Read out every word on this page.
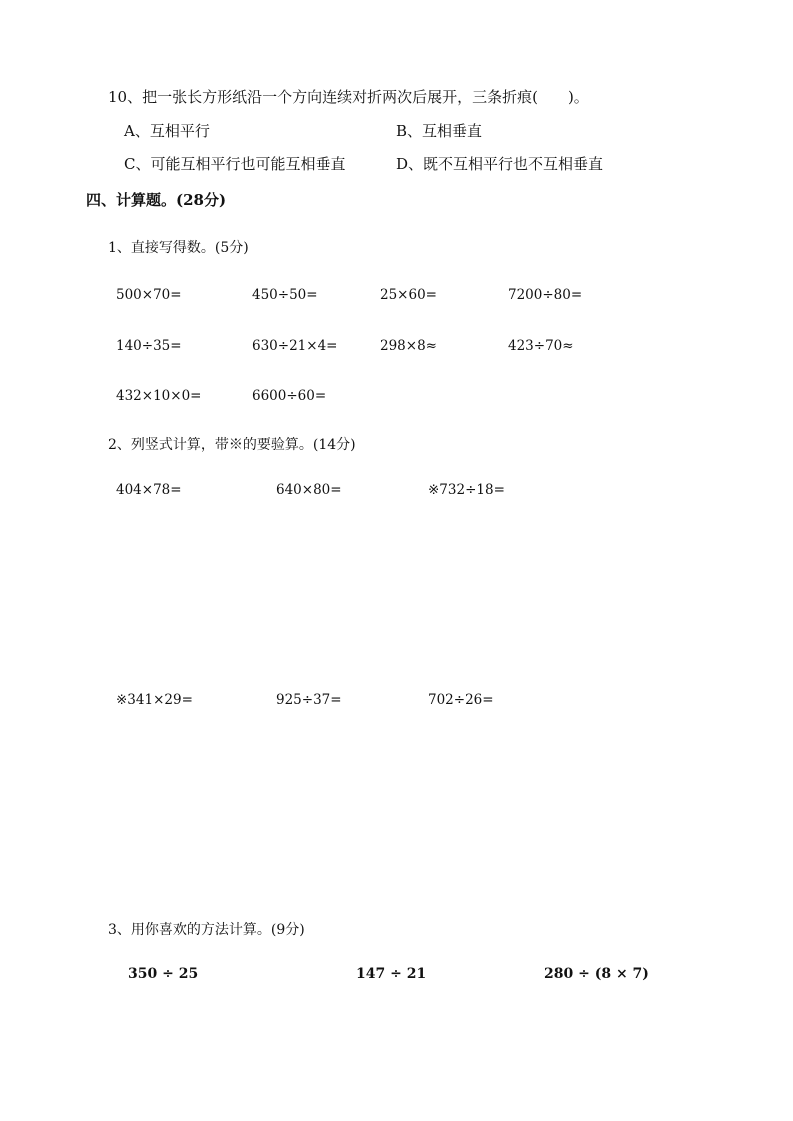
10、把一张长方形纸沿一个方向连续对折两次后展开，三条折痕(　　)。
A、互相平行	B、互相垂直
C、可能互相平行也可能互相垂直	D、既不互相平行也不互相垂直
四、计算题。(28分)
1、直接写得数。(5分)
500×70=	450÷50=	25×60=	7200÷80=
140÷35=	630÷21×4=	298×8≈	423÷70≈
432×10×0=	6600÷60=
2、列竖式计算，带※的要验算。(14分)
404×78=	640×80=	※732÷18=
※341×29=	925÷37=	702÷26=
3、用你喜欢的方法计算。(9分)
350 ÷ 25	147 ÷ 21	280 ÷ (8 × 7)
